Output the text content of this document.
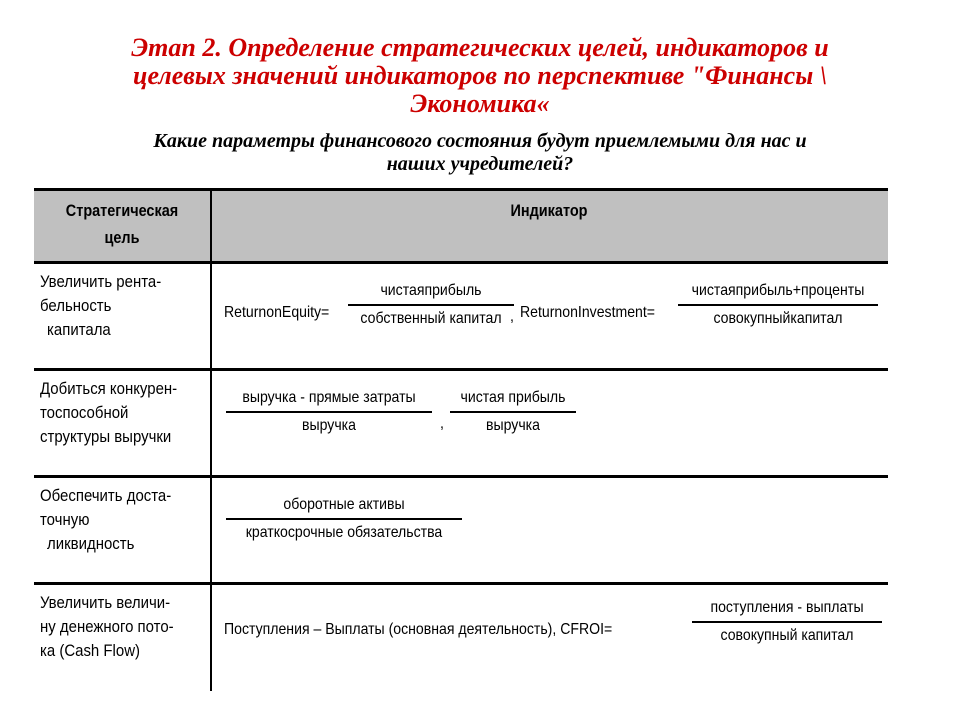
Этап 2. Определение стратегических целей, индикаторов и
целевых значений индикаторов по перспективе "Финансы \
Экономика«
Какие параметры финансового состояния будут приемлемыми для нас и
наших учредителей?
Стратегическая
цель
Индикатор
Увеличить рента-
бельность
капитала
ReturnonEquity=
чистаяприбыль
собственный капитал , ReturnonInvestment=
чистаяприбыль+проценты
совокупныйкапитал
Добиться конкурен-
тоспособной
структуры выручки
выручка - прямые затраты
выручка	,
чистая прибыль
выручка
Обеспечить доста-
точную
ликвидность
оборотные активы
краткосрочные обязательства
Увеличить величи-
ну денежного пото-
ка (Cash Flow)
Поступления – Выплаты (основная деятельность), CFROI=
поступления - выплаты
совокупный капитал
